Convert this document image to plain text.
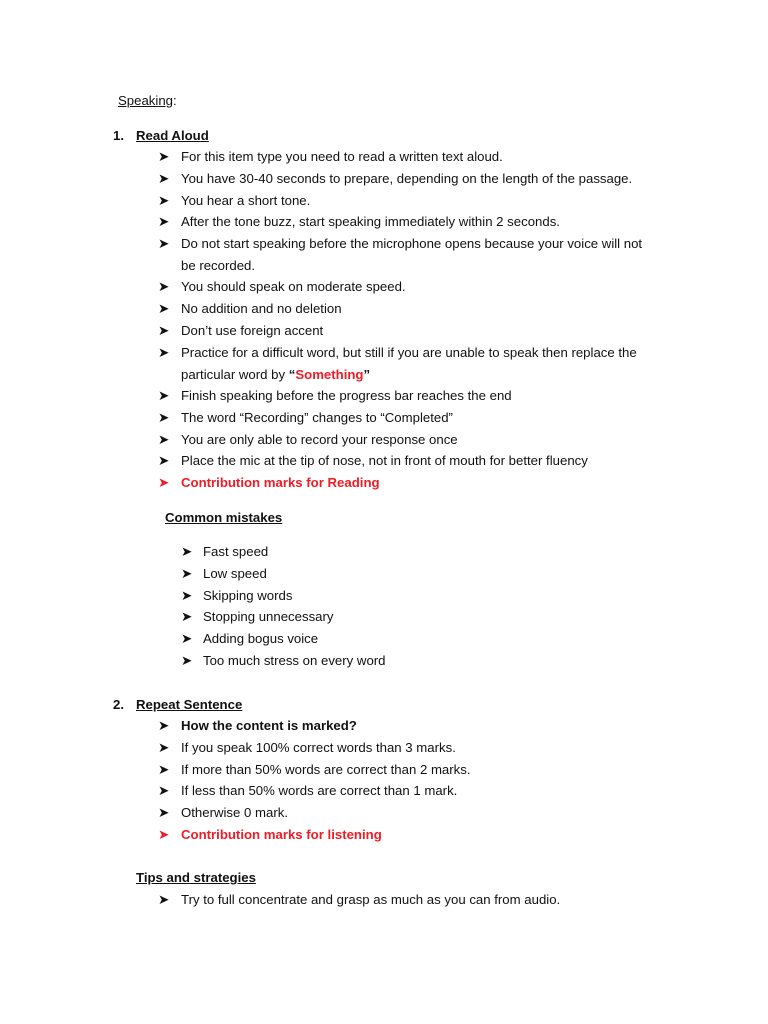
Speaking:
1. Read Aloud
➤ For this item type you need to read a written text aloud.
➤ You have 30-40 seconds to prepare, depending on the length of the passage.
➤ You hear a short tone.
➤ After the tone buzz, start speaking immediately within 2 seconds.
➤ Do not start speaking before the microphone opens because your voice will not
be recorded.
➤ You should speak on moderate speed.
➤ No addition and no deletion
➤ Don’t use foreign accent
➤ Practice for a difficult word, but still if you are unable to speak then replace the
particular word by “Something”
➤ Finish speaking before the progress bar reaches the end
➤ The word “Recording” changes to “Completed”
➤ You are only able to record your response once
➤ Place the mic at the tip of nose, not in front of mouth for better fluency
➤ Contribution marks for Reading
Common mistakes
➤ Fast speed
➤ Low speed
➤ Skipping words
➤ Stopping unnecessary
➤ Adding bogus voice
➤ Too much stress on every word
2. Repeat Sentence
➤ How the content is marked?
➤ If you speak 100% correct words than 3 marks.
➤ If more than 50% words are correct than 2 marks.
➤ If less than 50% words are correct than 1 mark.
➤ Otherwise 0 mark.
➤ Contribution marks for listening
Tips and strategies
➤ Try to full concentrate and grasp as much as you can from audio.
